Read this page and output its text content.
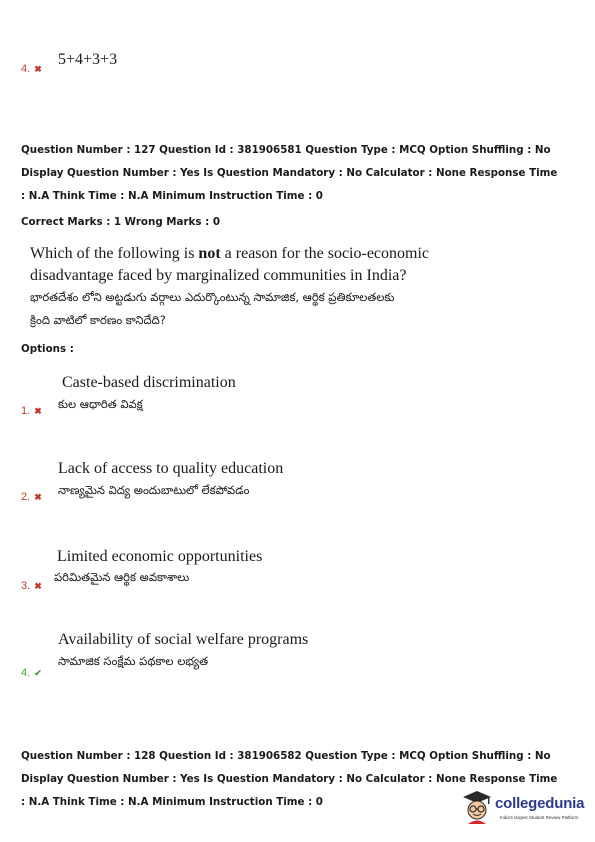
4. ✖
5+4+3+3
Question Number : 127 Question Id : 381906581 Question Type : MCQ Option Shuffling : No
Display Question Number : Yes Is Question Mandatory : No Calculator : None Response Time
: N.A Think Time : N.A Minimum Instruction Time : 0
Correct Marks : 1 Wrong Marks : 0
Which of the following is not a reason for the socio-economic
disadvantage faced by marginalized communities in India?
భారతదేశం లోని అట్టడుగు వర్గాలు ఎదుర్కొంటున్న సామాజిక, ఆర్థిక ప్రతికూలతలకు
క్రింది వాటిలో కారణం కానిదేది?
Options :
Caste-based discrimination
కుల ఆధారిత వివక్ష
1. ✖
Lack of access to quality education
నాణ్యమైన విద్య అందుబాటులో లేకపోవడం
2. ✖
Limited economic opportunities
పరిమితమైన ఆర్థిక అవకాశాలు
3. ✖
Availability of social welfare programs
సామాజిక సంక్షేమ పథకాల లభ్యత
4. ✔
Question Number : 128 Question Id : 381906582 Question Type : MCQ Option Shuffling : No
Display Question Number : Yes Is Question Mandatory : No Calculator : None Response Time
: N.A Think Time : N.A Minimum Instruction Time : 0	collegedunia
India's largest Student Review Platform
